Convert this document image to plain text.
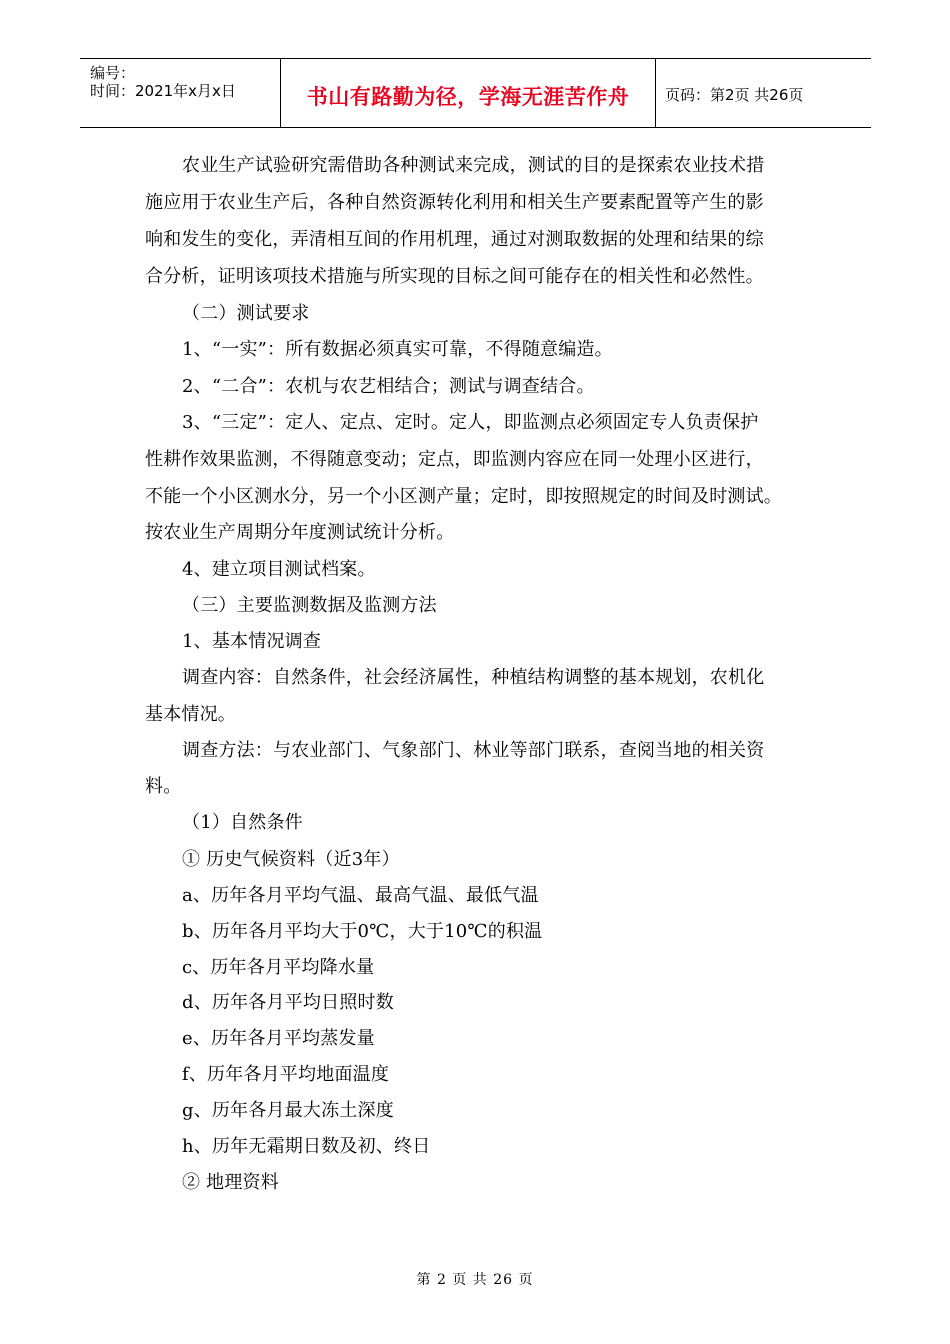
编号：
时间：2021年x月x日	书山有路勤为径，学海无涯苦作舟	页码：第2页 共26页
农业生产试验研究需借助各种测试来完成，测试的目的是探索农业技术措
施应用于农业生产后，各种自然资源转化利用和相关生产要素配置等产生的影
响和发生的变化，弄清相互间的作用机理，通过对测取数据的处理和结果的综
合分析，证明该项技术措施与所实现的目标之间可能存在的相关性和必然性。
（二）测试要求
1、“一实”：所有数据必须真实可靠，不得随意编造。
2、“二合”：农机与农艺相结合；测试与调查结合。
3、“三定”：定人、定点、定时。定人，即监测点必须固定专人负责保护
性耕作效果监测，不得随意变动；定点，即监测内容应在同一处理小区进行，
不能一个小区测水分，另一个小区测产量；定时，即按照规定的时间及时测试。
按农业生产周期分年度测试统计分析。
4、建立项目测试档案。
（三）主要监测数据及监测方法
1、基本情况调查
调查内容：自然条件，社会经济属性，种植结构调整的基本规划，农机化
基本情况。
调查方法：与农业部门、气象部门、林业等部门联系，查阅当地的相关资
料。
（1）自然条件
① 历史气候资料（近3年）
a、历年各月平均气温、最高气温、最低气温
b、历年各月平均大于0℃，大于10℃的积温
c、历年各月平均降水量
d、历年各月平均日照时数
e、历年各月平均蒸发量
f、历年各月平均地面温度
g、历年各月最大冻土深度
h、历年无霜期日数及初、终日
② 地理资料
第 2 页 共 26 页
